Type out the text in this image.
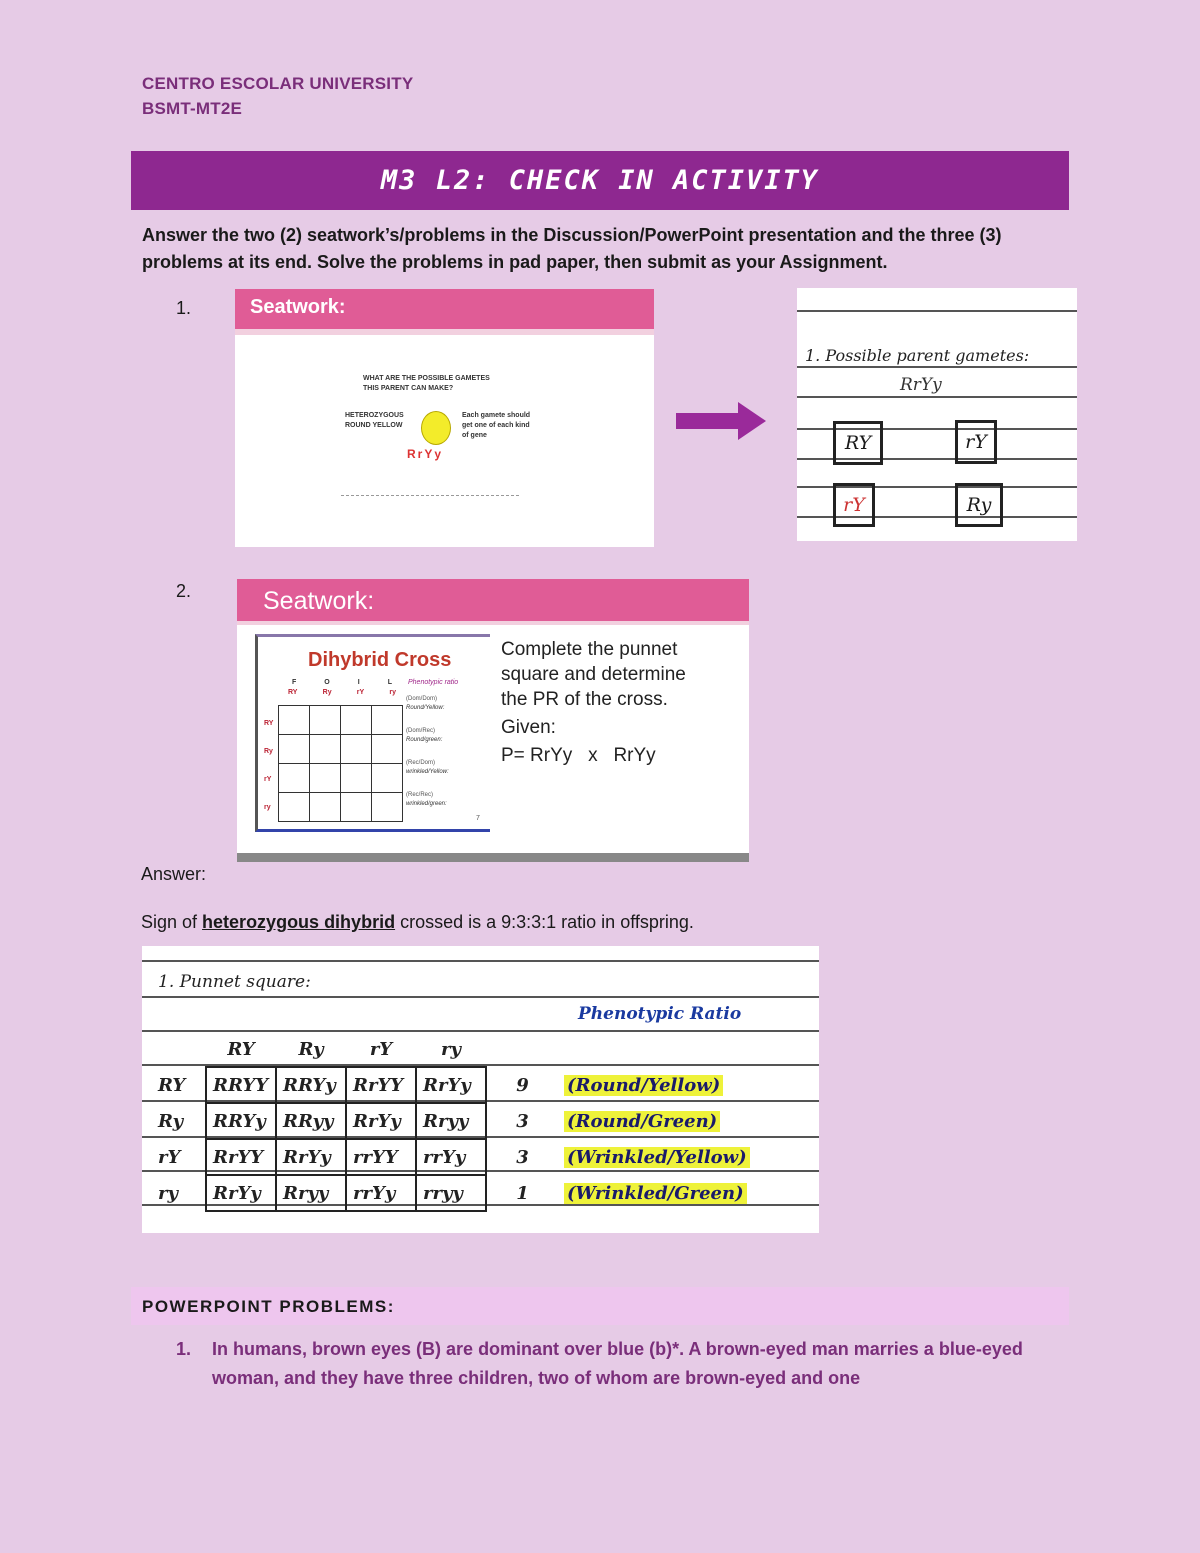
CENTRO ESCOLAR UNIVERSITY
BSMT-MT2E
M3 L2: CHECK IN ACTIVITY
Answer the two (2) seatwork’s/problems in the Discussion/PowerPoint presentation and the three (3) problems at its end. Solve the problems in pad paper, then submit as your Assignment.
1.	Seatwork:
WHAT ARE THE POSSIBLE GAMETES
THIS PARENT CAN MAKE?
HETEROZYGOUS
ROUND YELLOW
Each gamete should
get one of each kind
of gene
RrYy
1. Possible parent gametes:
RrYy
RY	rY
rY	Ry
2.	Seatwork:
Dihybrid Cross
F	O	I	L
RY	Ry	rY	ry
RY
Ry
rY
ry

Phenotypic ratio
(Dom/Dom)
Round/Yellow:
(Dom/Rec)
Round/green:
(Rec/Dom)
wrinkled/Yellow:
(Rec/Rec)
wrinkled/green:
7
Complete the punnet
square and determine
the PR of the cross.
Given:
P= RrYy   x   RrYy
Answer:
Sign of heterozygous dihybrid crossed is a 9:3:3:1 ratio in offspring.
1. Punnet square:
Phenotypic Ratio
	RY	Ry	rY	ry		
RY	RRYY	RRYy	RrYY	RrYy	9	(Round/Yellow)
Ry	RRYy	RRyy	RrYy	Rryy	3	(Round/Green)
rY	RrYY	RrYy	rrYY	rrYy	3	(Wrinkled/Yellow)
ry	RrYy	Rryy	rrYy	rryy	1	(Wrinkled/Green)
POWERPOINT PROBLEMS:
1. In humans, brown eyes (B) are dominant over blue (b)*. A brown-eyed man marries a blue-eyed woman, and they have three children, two of whom are brown-eyed and one
